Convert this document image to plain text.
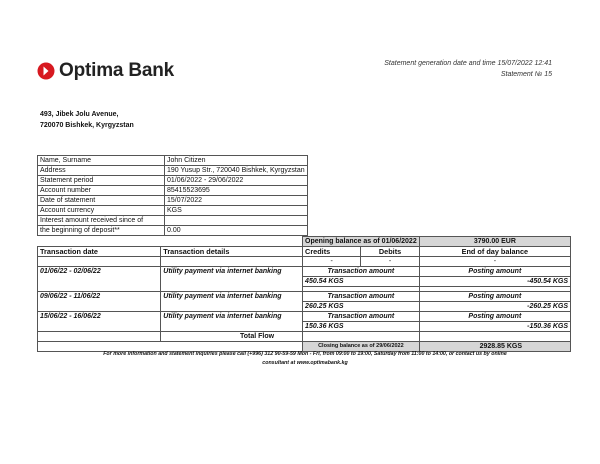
Optima Bank	Statement generation date and time 15/07/2022 12:41
Statement № 15
493, Jibek Jolu Avenue,
720070 Bishkek, Kyrgyzstan
Name, Surname	John Citizen
Address	190 Yusup Str., 720040 Bishkek, Kyrgyzstan
Statement period	01/06/2022 - 29/06/2022
Account number	85415523695
Date of statement	15/07/2022
Account currency	KGS
Interest amount received since of	
the beginning of deposit**	0.00
		Opening balance as of 01/06/2022		3790.00 EUR
Transaction date	Transaction details	Credits	Debits	End of day balance
		-	-	-
01/06/22 - 02/06/22	Utility payment via internet banking	Transaction amount		Posting amount
		450.54 KGS		-450.54 KGS

09/06/22 - 11/06/22	Utility payment via internet banking	Transaction amount		Posting amount
		260.25 KGS		-260.25 KGS
15/06/22 - 16/06/22	Utility payment via internet banking	Transaction amount		Posting amount
		150.36 KGS		-150.36 KGS
	Total Flow			
		Closing balance as of 29/06/2022		2928.85 KGS
For more information and statement inquiries please call (+996) 312 90-59-59 Mon - Fri, from 09:00 to 19:00, Saturday from 11:00 to 14:00, or contact us by online
consultant at www.optimabank.kg
